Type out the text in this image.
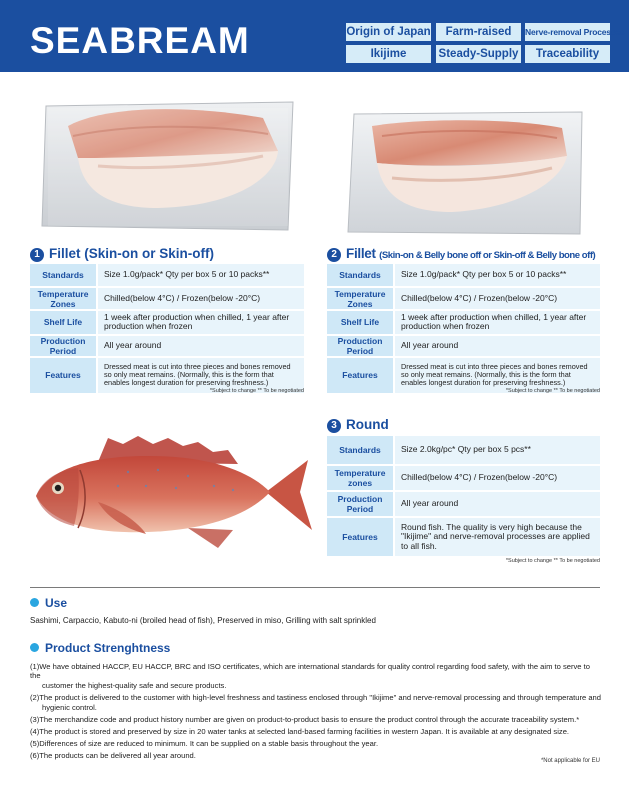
SEABREAM	Origin of Japan	Farm-raised	Nerve-removal Processes
Ikijime	Steady-Supply	Traceability
1 Fillet (Skin-on or Skin-off)
Standards		Size 1.0g/pack* Qty per box 5 or 10 packs**
Temperature Zones		Chilled(below 4°C) / Frozen(below -20°C)
Shelf Life		1 week after production when chilled, 1 year after production when frozen
Production Period		All year around
Features		Dressed meat is cut into three pieces and bones removed so only meat remains. (Normally, this is the form that enables longest duration for preserving freshness.)
*Subject to change ** To be negotiated
2 Fillet (Skin-on & Belly bone off or Skin-off & Belly bone off)
Standards		Size 1.0g/pack* Qty per box 5 or 10 packs**
Temperature Zones		Chilled(below 4°C) / Frozen(below -20°C)
Shelf Life		1 week after production when chilled, 1 year after production when frozen
Production Period		All year around
Features		Dressed meat is cut into three pieces and bones removed so only meat remains. (Normally, this is the form that enables longest duration for preserving freshness.)
*Subject to change ** To be negotiated
3 Round
Standards		Size 2.0kg/pc* Qty per box 5 pcs**
Temperature zones		Chilled(below 4°C) / Frozen(below -20°C)
Production Period		All year around
Features		Round fish. The quality is very high because the "Ikijime" and nerve-removal processes are applied to all fish.
*Subject to change ** To be negotiated
Use
Sashimi, Carpaccio, Kabuto-ni (broiled head of fish), Preserved in miso, Grilling with salt sprinkled
Product Strenghtness
(1)We have obtained HACCP, EU HACCP, BRC and ISO certificates, which are international standards for quality control regarding food safety, with the aim to serve to the
customer the highest-quality safe and secure products.
(2)The product is delivered to the customer with high-level freshness and tastiness enclosed through "Ikijime" and nerve-removal processing and through temperature and
hygienic control.
(3)The merchandize code and product history number are given on product-to-product basis to ensure the product control through the accurate traceability system.*
(4)The product is stored and preserved by size in 20 water tanks at selected land-based farming facilities in western Japan. It is available at any designated size.
(5)Differences of size are reduced to minimum. It can be supplied on a stable basis throughout the year.
(6)The products can be delivered all year around.
*Not applicable for EU
